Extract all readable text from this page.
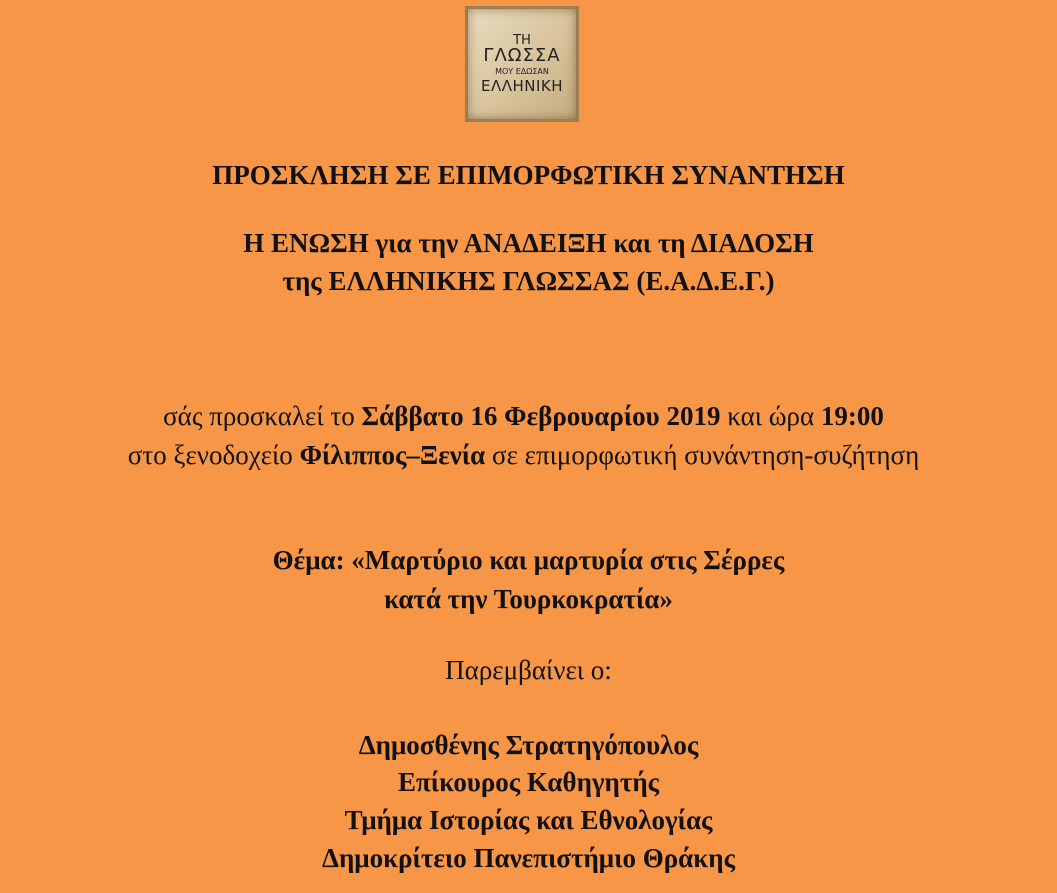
ΤΗ
ΓΛΩΣΣΑ
ΜΟΥ ΕΔΩΣΑΝ
ΕΛΛΗΝΙΚΗ
ΠΡΟΣΚΛΗΣΗ ΣΕ ΕΠΙΜΟΡΦΩΤΙΚΗ ΣΥΝΑΝΤΗΣΗ
Η ΕΝΩΣΗ για την ΑΝΑΔΕΙΞΗ και τη ΔΙΑΔΟΣΗ
της ΕΛΛΗΝΙΚΗΣ ΓΛΩΣΣΑΣ (Ε.Α.Δ.Ε.Γ.)
σάς προσκαλεί το Σάββατο 16 Φεβρουαρίου 2019 και ώρα 19:00
στο ξενοδοχείο Φίλιππος–Ξενία σε επιμορφωτική συνάντηση-συζήτηση
Θέμα: «Μαρτύριο και μαρτυρία στις Σέρρες
κατά την Τουρκοκρατία»
Παρεμβαίνει ο:
Δημοσθένης Στρατηγόπουλος
Επίκουρος Καθηγητής
Τμήμα Ιστορίας και Εθνολογίας
Δημοκρίτειο Πανεπιστήμιο Θράκης
